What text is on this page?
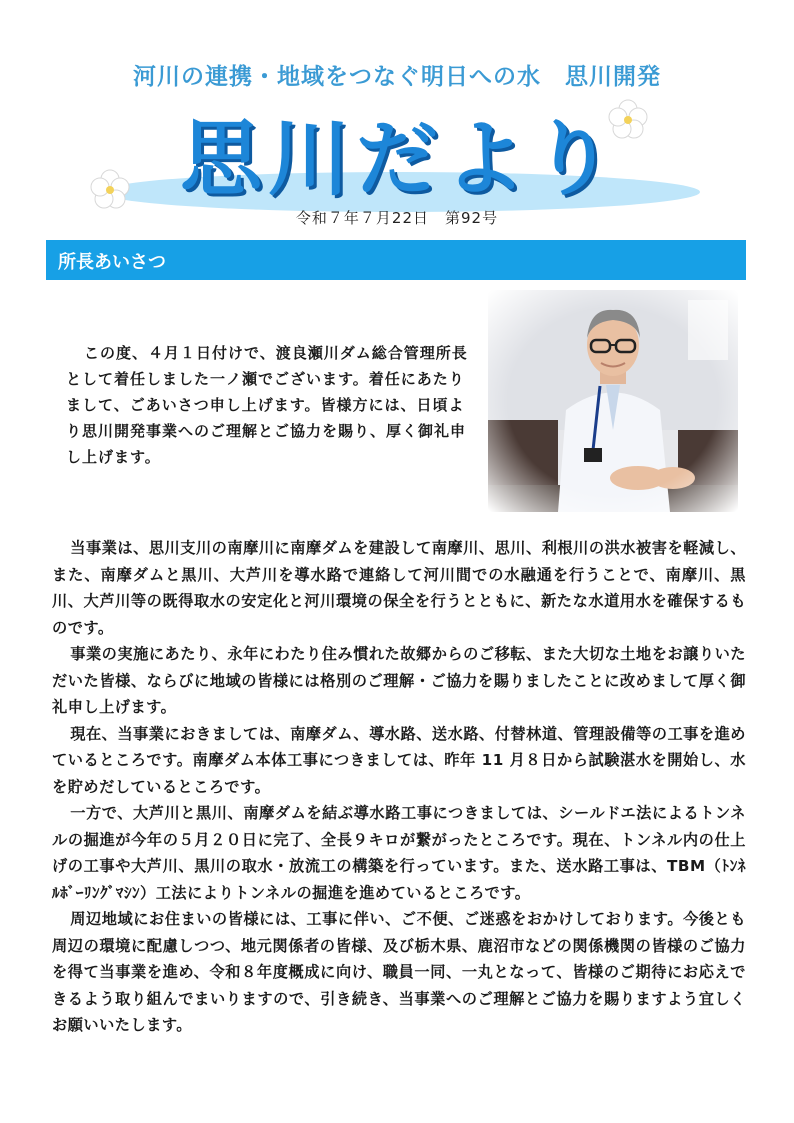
河川の連携・地域をつなぐ明日への水　思川開発
思川だより
令和７年７月22日　第92号
所長あいさつ
この度、４月１日付けで、渡良瀬川ダム総合管理所長として着任しました一ノ瀬でございます。着任にあたりまして、ごあいさつ申し上げます。皆様方には、日頃より思川開発事業へのご理解とご協力を賜り、厚く御礼申し上げます。

当事業は、思川支川の南摩川に南摩ダムを建設して南摩川、思川、利根川の洪水被害を軽減し、また、南摩ダムと黒川、大芦川を導水路で連絡して河川間での水融通を行うことで、南摩川、黒川、大芦川等の既得取水の安定化と河川環境の保全を行うとともに、新たな水道用水を確保するものです。

事業の実施にあたり、永年にわたり住み慣れた故郷からのご移転、また大切な土地をお譲りいただいた皆様、ならびに地域の皆様には格別のご理解・ご協力を賜りましたことに改めまして厚く御礼申し上げます。

現在、当事業におきましては、南摩ダム、導水路、送水路、付替林道、管理設備等の工事を進めているところです。南摩ダム本体工事につきましては、昨年 11 月８日から試験湛水を開始し、水を貯めだしているところです。

一方で、大芦川と黒川、南摩ダムを結ぶ導水路工事につきましては、シールドエ法によるトンネルの掘進が今年の５月２０日に完了、全長９キロが繋がったところです。現在、トンネル内の仕上げの工事や大芦川、黒川の取水・放流工の構築を行っています。また、送水路工事は、TBM（ﾄﾝﾈﾙﾎﾞｰﾘﾝｸﾞﾏｼﾝ）工法によりトンネルの掘進を進めているところです。

周辺地域にお住まいの皆様には、工事に伴い、ご不便、ご迷惑をおかけしております。今後とも周辺の環境に配慮しつつ、地元関係者の皆様、及び栃木県、鹿沼市などの関係機関の皆様のご協力を得て当事業を進め、令和８年度概成に向け、職員一同、一丸となって、皆様のご期待にお応えできるよう取り組んでまいりますので、引き続き、当事業へのご理解とご協力を賜りますよう宜しくお願いいたします。
